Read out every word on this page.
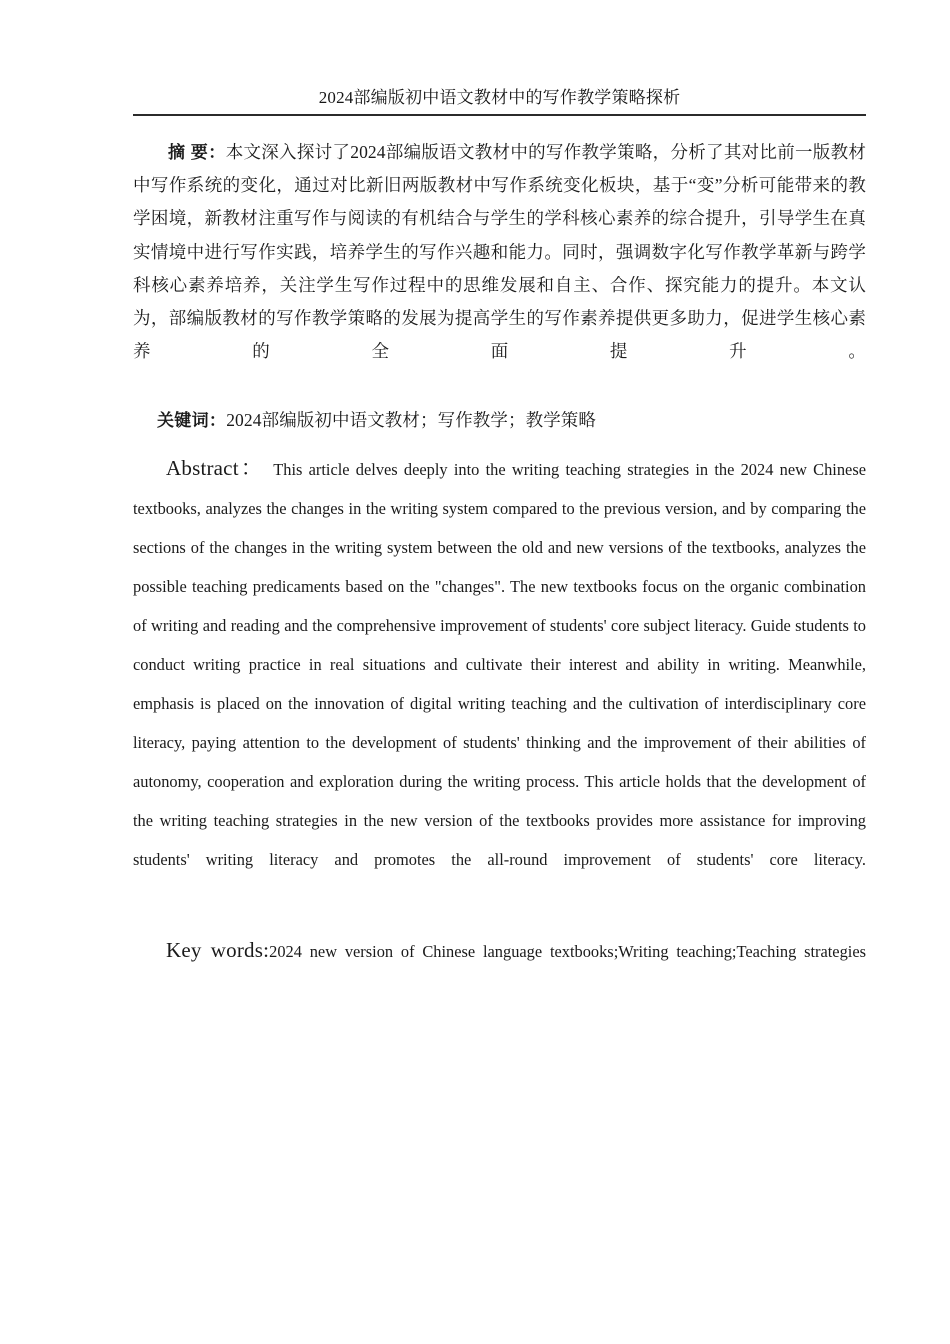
2024部编版初中语文教材中的写作教学策略探析

摘 要：本文深入探讨了2024部编版语文教材中的写作教学策略，分析了其对比前一版教材中写作系统的变化，通过对比新旧两版教材中写作系统变化板块，基于“变”分析可能带来的教学困境，新教材注重写作与阅读的有机结合与学生的学科核心素养的综合提升，引导学生在真实情境中进行写作实践，培养学生的写作兴趣和能力。同时，强调数字化写作教学革新与跨学科核心素养培养，关注学生写作过程中的思维发展和自主、合作、探究能力的提升。本文认为，部编版教材的写作教学策略的发展为提高学生的写作素养提供更多助力，促进学生核心素养的全面提升。

关键词：2024部编版初中语文教材；写作教学；教学策略

Abstract： This article delves deeply into the writing teaching strategies in the 2024 new Chinese textbooks, analyzes the changes in the writing system compared to the previous version, and by comparing the sections of the changes in the writing system between the old and new versions of the textbooks, analyzes the possible teaching predicaments based on the "changes". The new textbooks focus on the organic combination of writing and reading and the comprehensive improvement of students' core subject literacy. Guide students to conduct writing practice in real situations and cultivate their interest and ability in writing. Meanwhile, emphasis is placed on the innovation of digital writing teaching and the cultivation of interdisciplinary core literacy, paying attention to the development of students' thinking and the improvement of their abilities of autonomy, cooperation and exploration during the writing process. This article holds that the development of the writing teaching strategies in the new version of the textbooks provides more assistance for improving students' writing literacy and promotes the all-round improvement of students' core literacy.

Key words:2024 new version of Chinese language textbooks;Writing teaching;Teaching strategies
